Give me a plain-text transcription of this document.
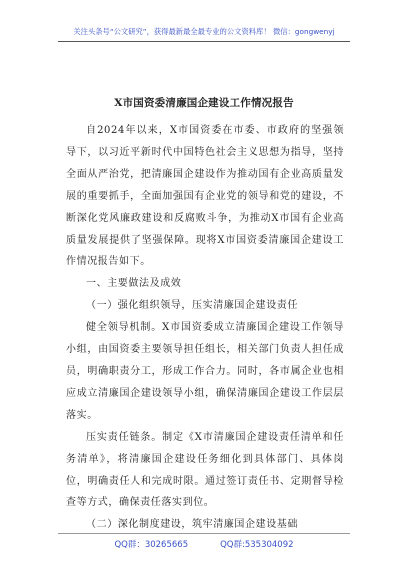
关注头条号“公文研究”，获得最新最全最专业的公文资料库！ 微信：gongwenyj
X市国资委清廉国企建设工作情况报告

自2024年以来，X市国资委在市委、市政府的坚强领导下，以习近平新时代中国特色社会主义思想为指导，坚持全面从严治党，把清廉国企建设作为推动国有企业高质量发展的重要抓手，全面加强国有企业党的领导和党的建设，不断深化党风廉政建设和反腐败斗争，为推动X市国有企业高质量发展提供了坚强保障。现将X市国资委清廉国企建设工作情况报告如下。

一、主要做法及成效

（一）强化组织领导，压实清廉国企建设责任

健全领导机制。X市国资委成立清廉国企建设工作领导小组，由国资委主要领导担任组长，相关部门负责人担任成员，明确职责分工，形成工作合力。同时，各市属企业也相应成立清廉国企建设领导小组，确保清廉国企建设工作层层落实。

压实责任链条。制定《X市清廉国企建设责任清单和任务清单》，将清廉国企建设任务细化到具体部门、具体岗位，明确责任人和完成时限。通过签订责任书、定期督导检查等方式，确保责任落实到位。

（二）深化制度建设，筑牢清廉国企建设基础

QQ群：30265665	QQ群:535304092
